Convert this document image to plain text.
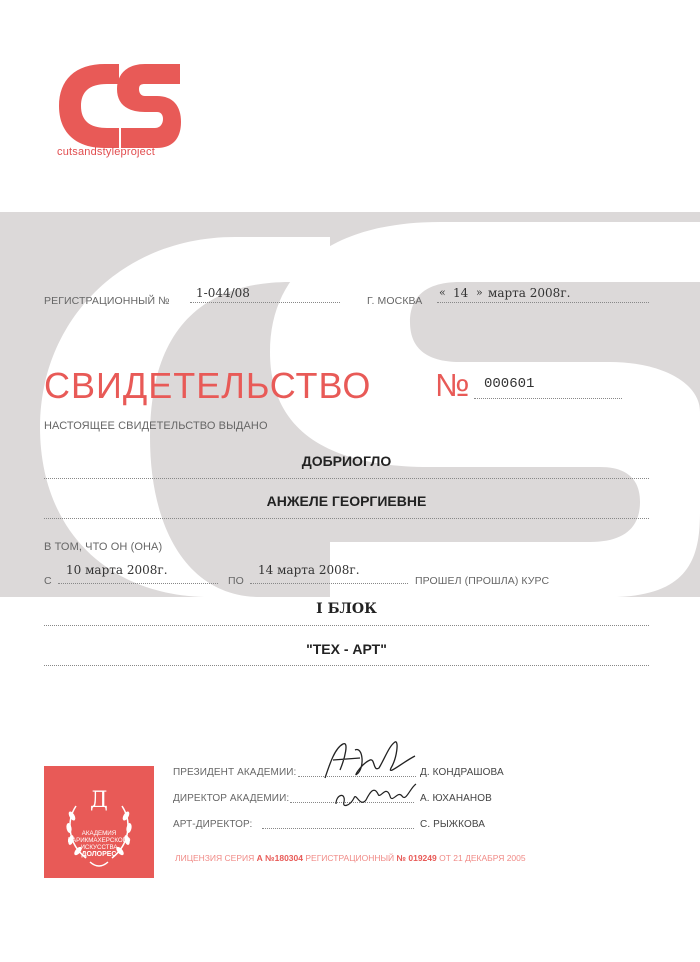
cutsandstyleproject
РЕГИСТРАЦИОННЫЙ №
1-044/08
Г. МОСКВА
« 14 » марта 2008г.
СВИДЕТЕЛЬСТВО № 000601
НАСТОЯЩЕЕ СВИДЕТЕЛЬСТВО ВЫДАНО
ДОБРИОГЛО
АНЖЕЛЕ ГЕОРГИЕВНЕ
В ТОМ, ЧТО ОН (ОНА)
С
10 марта 2008г.
ПО
14 марта 2008г.
ПРОШЕЛ (ПРОШЛА) КУРС
I БЛОК
"ТЕХ - АРТ"
Д
АКАДЕМИЯ
ПАРИКМАХЕРСКОГО
ИСКУССТВА
ДОЛОРЕС
ПРЕЗИДЕНТ АКАДЕМИИ:	Д. КОНДРАШОВА
ДИРЕКТОР АКАДЕМИИ:	А. ЮХАНАНОВ
АРТ-ДИРЕКТОР:	С. РЫЖКОВА
ЛИЦЕНЗИЯ СЕРИЯ А №180304 РЕГИСТРАЦИОННЫЙ № 019249 ОТ 21 ДЕКАБРЯ 2005
